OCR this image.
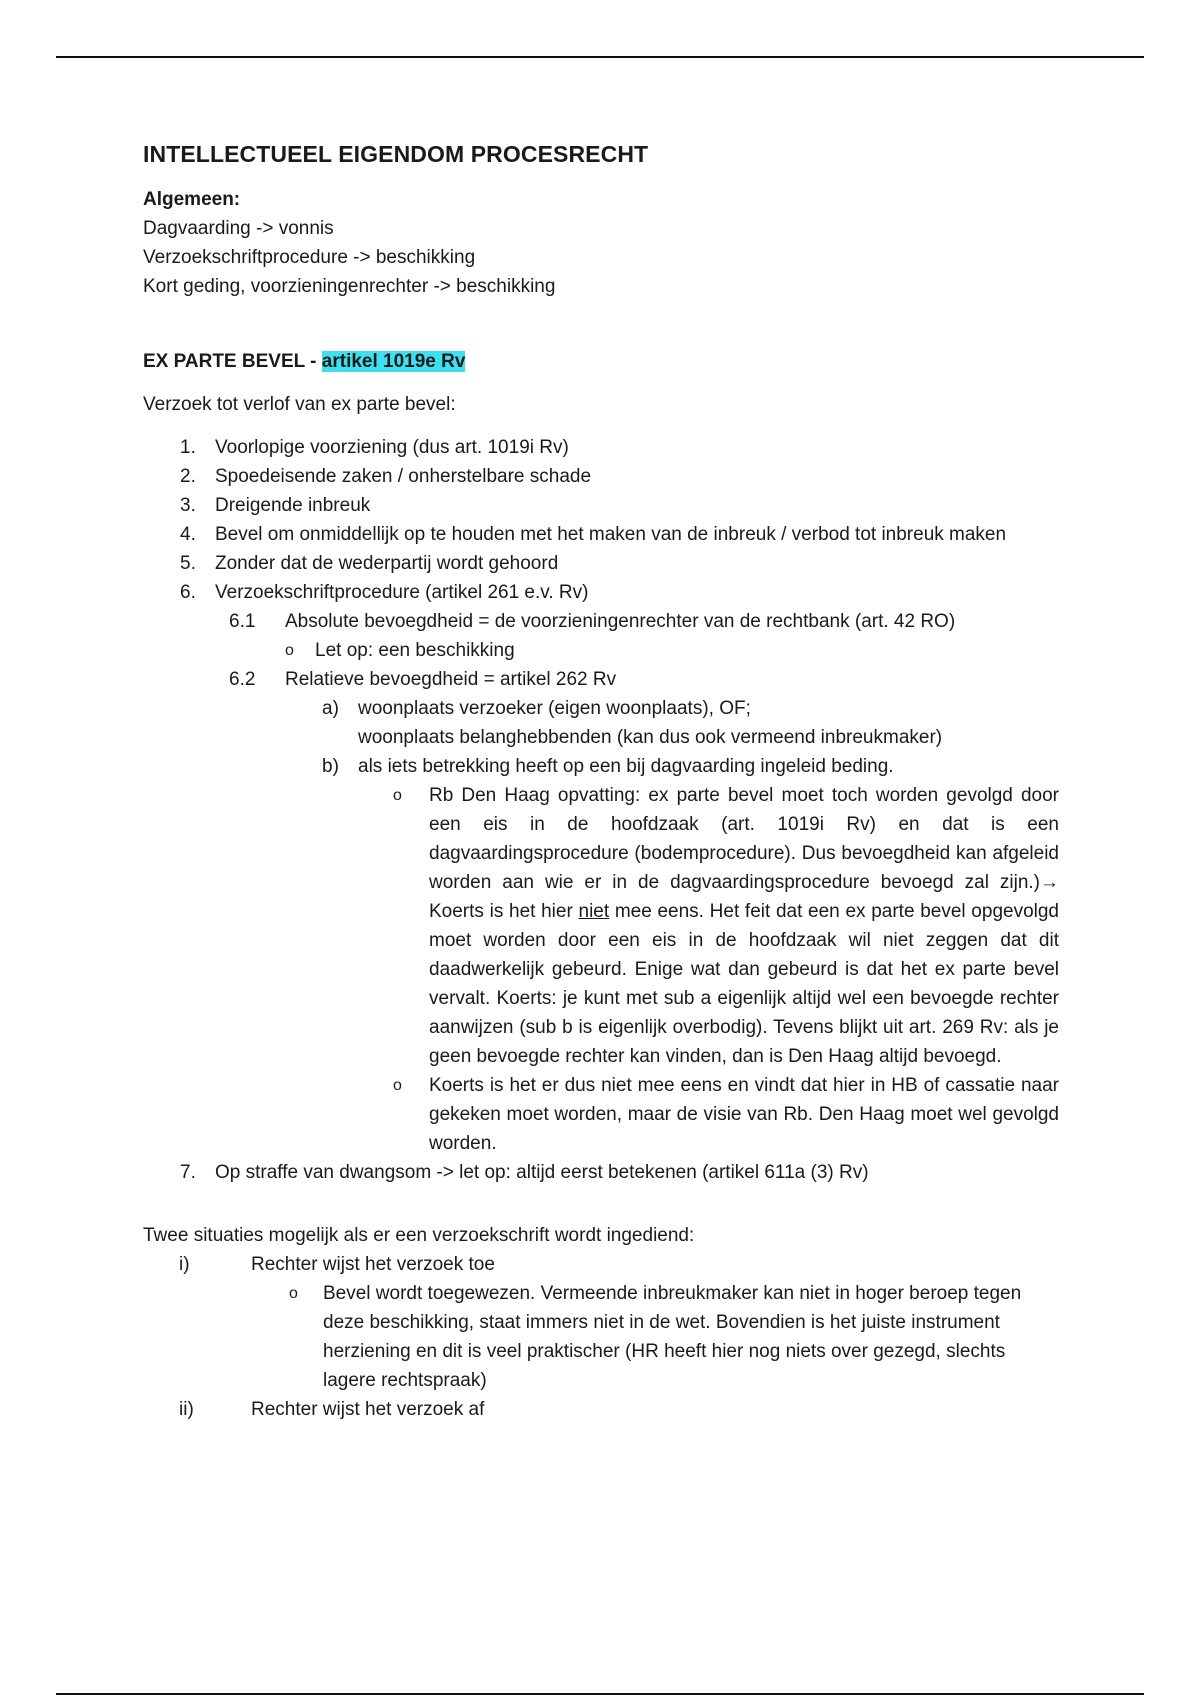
INTELLECTUEEL EIGENDOM PROCESRECHT
Algemeen:
Dagvaarding -> vonnis
Verzoekschriftprocedure -> beschikking
Kort geding, voorzieningenrechter -> beschikking
EX PARTE BEVEL - artikel 1019e Rv
Verzoek tot verlof van ex parte bevel:
1.	Voorlopige voorziening (dus art. 1019i Rv)
2.	Spoedeisende zaken / onherstelbare schade
3.	Dreigende inbreuk
4.	Bevel om onmiddellijk op te houden met het maken van de inbreuk / verbod tot inbreuk maken
5.	Zonder dat de wederpartij wordt gehoord
6.	Verzoekschriftprocedure (artikel 261 e.v. Rv)
6.1	Absolute bevoegdheid = de voorzieningenrechter van de rechtbank (art. 42 RO)
o	Let op: een beschikking
6.2	Relatieve bevoegdheid = artikel 262 Rv
a)	woonplaats verzoeker (eigen woonplaats), OF;
woonplaats belanghebbenden (kan dus ook vermeend inbreukmaker)
b)	als iets betrekking heeft op een bij dagvaarding ingeleid beding.
o	Rb Den Haag opvatting: ex parte bevel moet toch worden gevolgd door een eis in de hoofdzaak (art. 1019i Rv) en dat is een dagvaardingsprocedure (bodemprocedure). Dus bevoegdheid kan afgeleid worden aan wie er in de dagvaardingsprocedure bevoegd zal zijn.)→ Koerts is het hier niet mee eens. Het feit dat een ex parte bevel opgevolgd moet worden door een eis in de hoofdzaak wil niet zeggen dat dit daadwerkelijk gebeurd. Enige wat dan gebeurd is dat het ex parte bevel vervalt. Koerts: je kunt met sub a eigenlijk altijd wel een bevoegde rechter aanwijzen (sub b is eigenlijk overbodig). Tevens blijkt uit art. 269 Rv: als je geen bevoegde rechter kan vinden, dan is Den Haag altijd bevoegd.
o	Koerts is het er dus niet mee eens en vindt dat hier in HB of cassatie naar gekeken moet worden, maar de visie van Rb. Den Haag moet wel gevolgd worden.
7.	Op straffe van dwangsom -> let op: altijd eerst betekenen (artikel 611a (3) Rv)
Twee situaties mogelijk als er een verzoekschrift wordt ingediend:
i)	Rechter wijst het verzoek toe
o	Bevel wordt toegewezen. Vermeende inbreukmaker kan niet in hoger beroep tegen deze beschikking, staat immers niet in de wet. Bovendien is het juiste instrument herziening en dit is veel praktischer (HR heeft hier nog niets over gezegd, slechts lagere rechtspraak)
ii)	Rechter wijst het verzoek af
